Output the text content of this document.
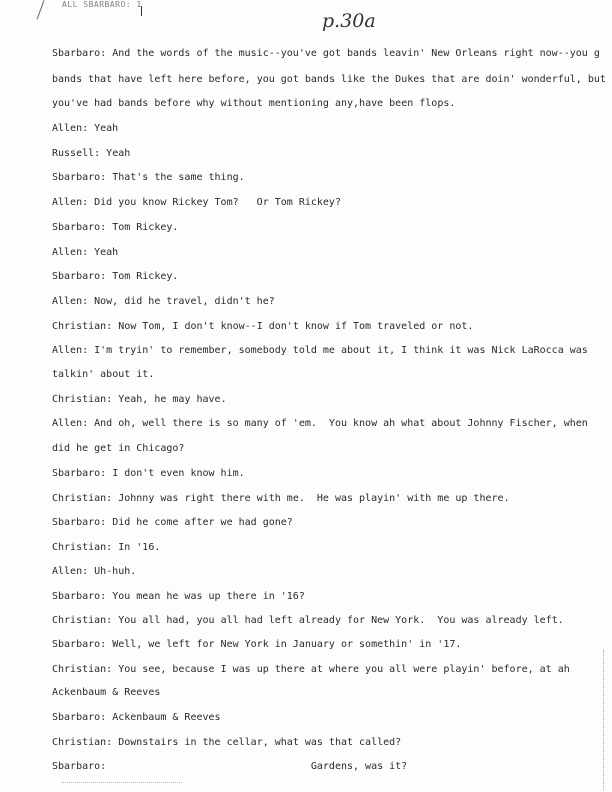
ALL SBARBARO: 1
p.30a
Sbarbaro: And the words of the music--you've got bands leavin' New Orleans right now--you g
bands that have left here before, you got bands like the Dukes that are doin' wonderful, but
you've had bands before why without mentioning any,have been flops.
Allen: Yeah
Russell: Yeah
Sbarbaro: That's the same thing.
Allen: Did you know Rickey Tom?   Or Tom Rickey?
Sbarbaro: Tom Rickey.
Allen: Yeah
Sbarbaro: Tom Rickey.
Allen: Now, did he travel, didn't he?
Christian: Now Tom, I don't know--I don't know if Tom traveled or not.
Allen: I'm tryin' to remember, somebody told me about it, I think it was Nick LaRocca was
talkin' about it.
Christian: Yeah, he may have.
Allen: And oh, well there is so many of 'em.  You know ah what about Johnny Fischer, when
did he get in Chicago?
Sbarbaro: I don't even know him.
Christian: Johnny was right there with me.  He was playin' with me up there.
Sbarbaro: Did he come after we had gone?
Christian: In '16.
Allen: Uh-huh.
Sbarbaro: You mean he was up there in '16?
Christian: You all had, you all had left already for New York.  You was already left.
Sbarbaro: Well, we left for New York in January or somethin' in '17.
Christian: You see, because I was up there at where you all were playin' before, at ah
Ackenbaum & Reeves
Sbarbaro: Ackenbaum & Reeves
Christian: Downstairs in the cellar, what was that called?
Sbarbaro:                                 Gardens, was it?
